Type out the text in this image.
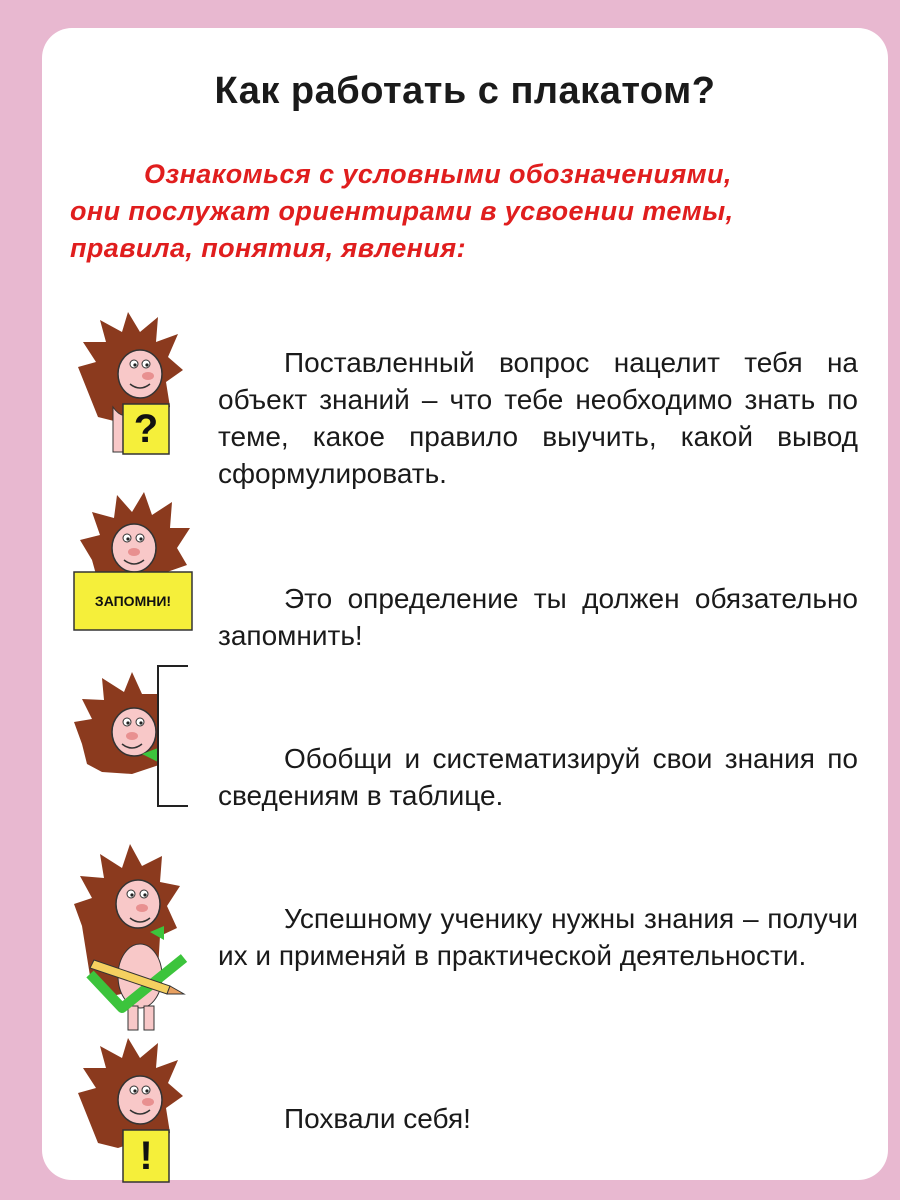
Как работать с плакатом?
Ознакомься с условными обозначениями,
они послужат ориентирами в усвоении темы,
правила, понятия, явления:
?
Поставленный вопрос нацелит тебя на объект знаний – что тебе необходимо знать по теме, какое правило выучить, какой вывод сформулировать.
ЗАПОМНИ!	Это определение ты должен обязательно запомнить!
Обобщи и систематизируй свои знания по сведениям в таблице.
Успешному ученику нужны знания – получи их и применяй в практической деятельности.
!
Похвали себя!
